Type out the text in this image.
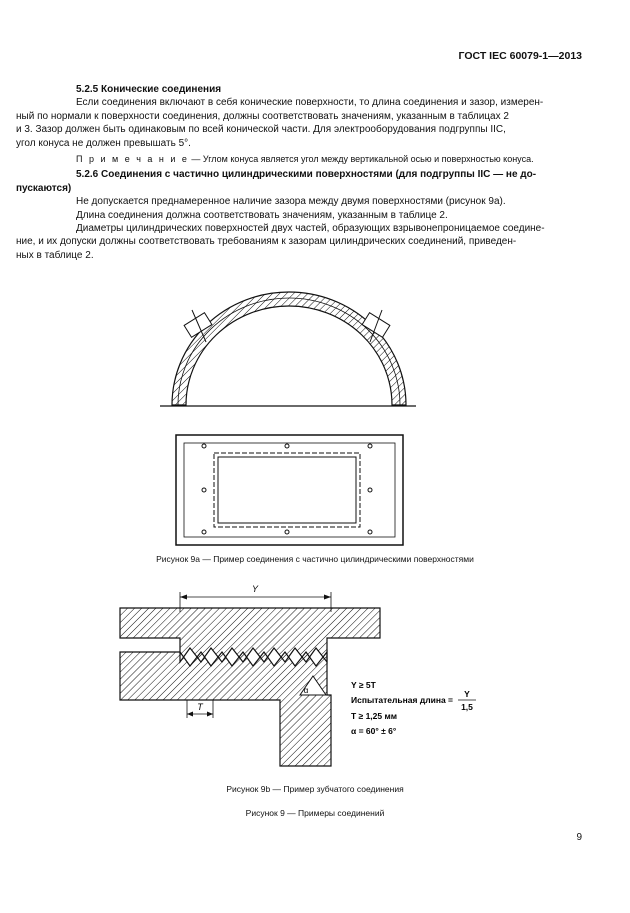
ГОСТ IEC 60079-1—2013

5.2.5 Конические соединения

Если соединения включают в себя конические поверхности, то длина соединения и зазор, измерен-
ный по нормали к поверхности соединения, должны соответствовать значениям, указанным в таблицах 2
и 3. Зазор должен быть одинаковым по всей конической части. Для электрооборудования подгруппы IIC,
угол конуса не должен превышать 5°.

П р и м е ч а н и е — Углом конуса является угол между вертикальной осью и поверхностью конуса.

5.2.6 Соединения с частично цилиндрическими поверхностями (для подгруппы IIC — не до-
пускаются)

Не допускается преднамеренное наличие зазора между двумя поверхностями (рисунок 9а).

Длина соединения должна соответствовать значениям, указанным в таблице 2.

Диаметры цилиндрических поверхностей двух частей, образующих взрывонепроницаемое соедине-
ние, и их допуски должны соответствовать требованиям к зазорам цилиндрических соединений, приведен-
ных в таблице 2.

Y
T
α
Y ≥ 5T
Испытательная длина =
Y
1,5
T ≥ 1,25 мм
α = 60° ± 6°
Рисунок 9а — Пример соединения с частично цилиндрическими поверхностями
Рисунок 9b — Пример зубчатого соединения
Рисунок 9 — Примеры соединений
9
